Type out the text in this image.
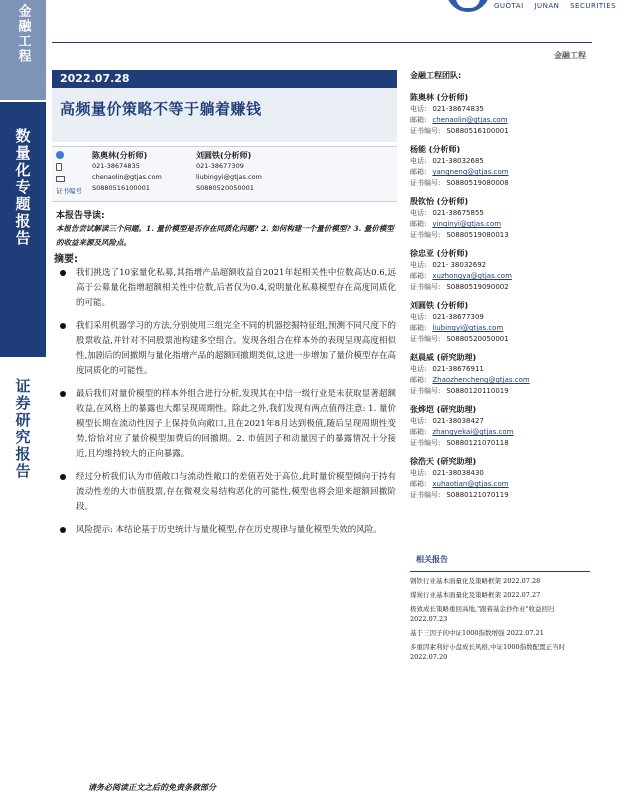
金融工程
数量化专题报告
证券研究报告
GUOTAI JUNAN SECURITIES
金融工程
2022.07.28
高频量价策略不等于躺着赚钱
证书编号
陈奥林(分析师)
021-38674835
chenaolin@gtjas.com
S0880516100001
刘圆铁(分析师)
021-38677309
liubingyi@gtjas.com
S0880520050001
本报告导读:
本报告尝试解读三个问题。1. 量价模型是否存在同质化问题? 2. 如何构建一个量价模型? 3. 量价模型的收益来源及风险点。
摘要:
我们挑选了10家量化私募,其指增产品超额收益自2021年起相关性中位数高达0.6,远高于公募量化指增超额相关性中位数,后者仅为0.4,说明量化私募模型存在高度同质化的可能。
我们采用机器学习的方法,分别使用三组完全不同的机器挖掘特征组,预测不同尺度下的股票收益,并针对不同股票池构建多空组合。发现各组合在样本外的表现呈现高度相似性,加剧后的回撤期与量化指增产品的超额回撤期类似,这进一步增加了量价模型存在高度同质化的可能性。
最后我们对量价模型的样本外组合进行分析,发现其在中信一级行业是未获取显著超额收益,在风格上的暴露也大都呈现周期性。除此之外,我们发现有两点值得注意: 1. 量价模型长期在流动性因子上保持负向敞口,且在2021年8月达到极值,随后呈现周期性变势,恰恰对应了量价模型加费后的回撤期。2. 市值因子和动量因子的暴露情况十分接近,且均维持较大的正向暴露。
经过分析我们认为市值敞口与流动性敞口的差值若处于高位,此时量价模型倾向于持有流动性差的大市值股票,存在微观交易结构恶化的可能性,模型也将会迎来超额回撤阶段。
风险提示: 本结论基于历史统计与量化模型,存在历史规律与量化模型失效的风险。
请务必阅读正文之后的免责条款部分
金融工程团队:
陈奥林 (分析师)
电话: 021-38674835
邮箱: chenaolin@gtjas.com
证书编号: S0880516100001
杨能 (分析师)
电话: 021-38032685
邮箱: yangneng@gtjas.com
证书编号: S0880519080008
殷钦怡 (分析师)
电话: 021-38675855
邮箱: yinqinyi@gtjas.com
证书编号: S0880519080013
徐忠亚 (分析师)
电话: 021- 38032692
邮箱: xuzhongya@gtjas.com
证书编号: S0880519090002
刘圆铁 (分析师)
电话: 021-38677309
邮箱: liubingyi@gtjas.com
证书编号: S0880520050001
赵晨威 (研究助理)
电话: 021-38676911
邮箱: Zhaozhencheng@gtjas.com
证书编号: S0880120110019
张烨垲 (研究助理)
电话: 021-38038427
邮箱: zhangyekai@gtjas.com
证书编号: S0880121070118
徐浩天 (研究助理)
电话: 021-38038430
邮箱: xuhaotian@gtjas.com
证书编号: S0880121070119
相关报告
钢铁行业基本面量化及策略框架 2022.07.28
煤炭行业基本面量化及策略框架 2022.07.27
极致成长策略重回高地,"跟着基金抄作业"收益回归 2022.07.23
基于三因子的中证1000指数增强 2022.07.21
多重因素利好小盘成长风格,中证1000指数配置正当时 2022.07.20
